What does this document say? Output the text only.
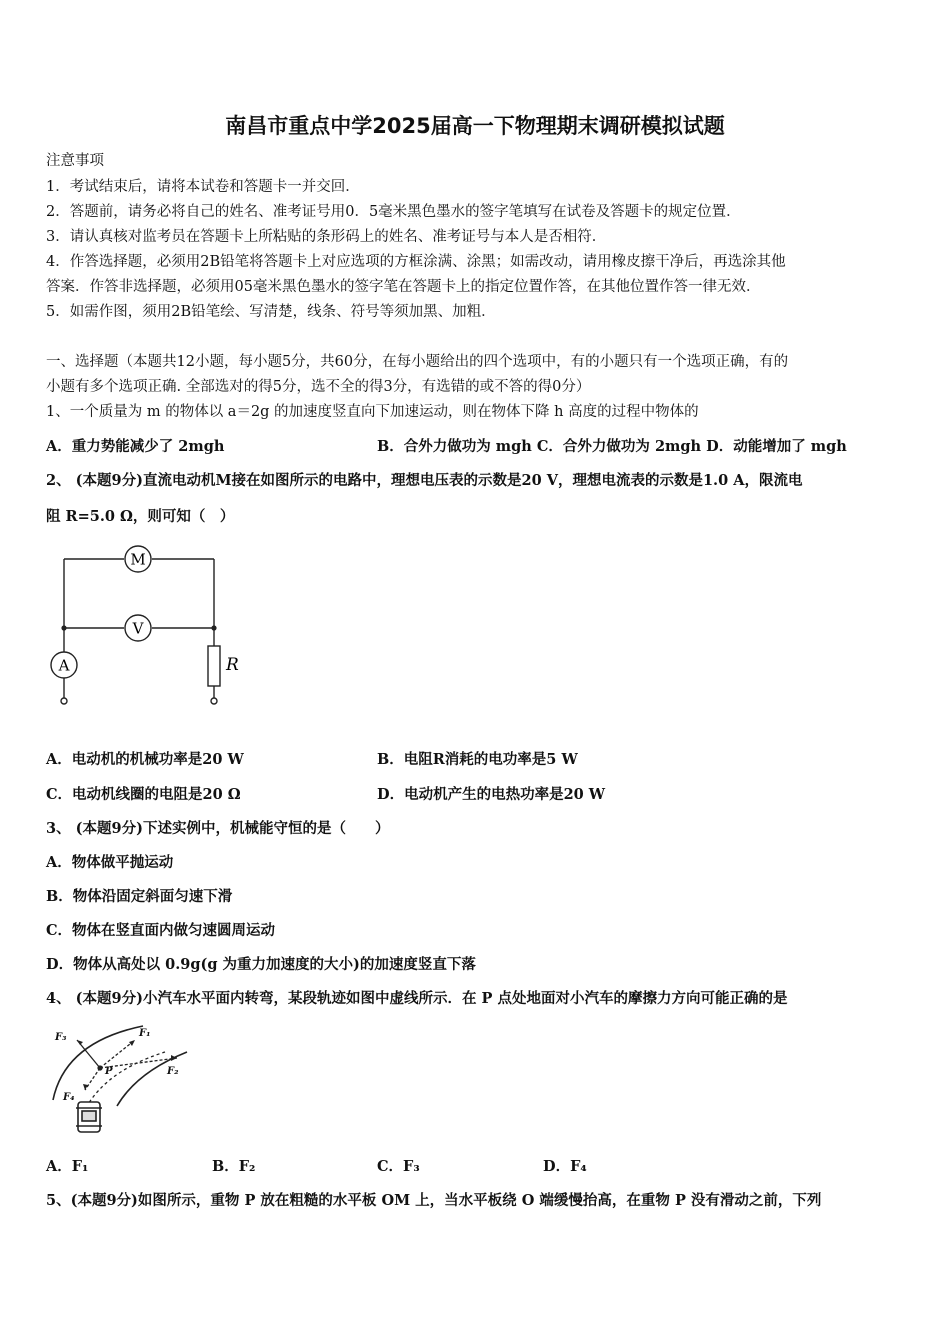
南昌市重点中学2025届高一下物理期末调研模拟试题
注意事项
1．考试结束后，请将本试卷和答题卡一并交回．
2．答题前，请务必将自己的姓名、准考证号用0．5毫米黑色墨水的签字笔填写在试卷及答题卡的规定位置．
3．请认真核对监考员在答题卡上所粘贴的条形码上的姓名、准考证号与本人是否相符．
4．作答选择题，必须用2B铅笔将答题卡上对应选项的方框涂满、涂黑；如需改动，请用橡皮擦干净后，再选涂其他
答案．作答非选择题，必须用05毫米黑色墨水的签字笔在答题卡上的指定位置作答，在其他位置作答一律无效．
5．如需作图，须用2B铅笔绘、写清楚，线条、符号等须加黑、加粗．
一、选择题（本题共12小题，每小题5分，共60分，在每小题给出的四个选项中，有的小题只有一个选项正确，有的
小题有多个选项正确. 全部选对的得5分，选不全的得3分，有选错的或不答的得0分）
1、一个质量为 m 的物体以 a＝2g 的加速度竖直向下加速运动，则在物体下降 h 高度的过程中物体的
A．重力势能减少了 2mgh	B．合外力做功为 mgh C．合外力做功为 2mgh D．动能增加了 mgh
2、 (本题9分)直流电动机M接在如图所示的电路中，理想电压表的示数是20 V，理想电流表的示数是1.0 A，限流电
阻 R=5.0 Ω，则可知（　）
M
V
A	R
A．电动机的机械功率是20 W	B．电阻R消耗的电功率是5 W
C．电动机线圈的电阻是20 Ω	D．电动机产生的电热功率是20 W
3、 (本题9分)下述实例中，机械能守恒的是（　　）
A．物体做平抛运动
B．物体沿固定斜面匀速下滑
C．物体在竖直面内做匀速圆周运动
D．物体从高处以 0.9g(g 为重力加速度的大小)的加速度竖直下落
4、 (本题9分)小汽车水平面内转弯，某段轨迹如图中虚线所示．在 P 点处地面对小汽车的摩擦力方向可能正确的是
F₃	F₁
F₂
F₄
P
A．F₁	B．F₂	C．F₃	D．F₄
5、(本题9分)如图所示，重物 P 放在粗糙的水平板 OM 上，当水平板绕 O 端缓慢抬高，在重物 P 没有滑动之前，下列
